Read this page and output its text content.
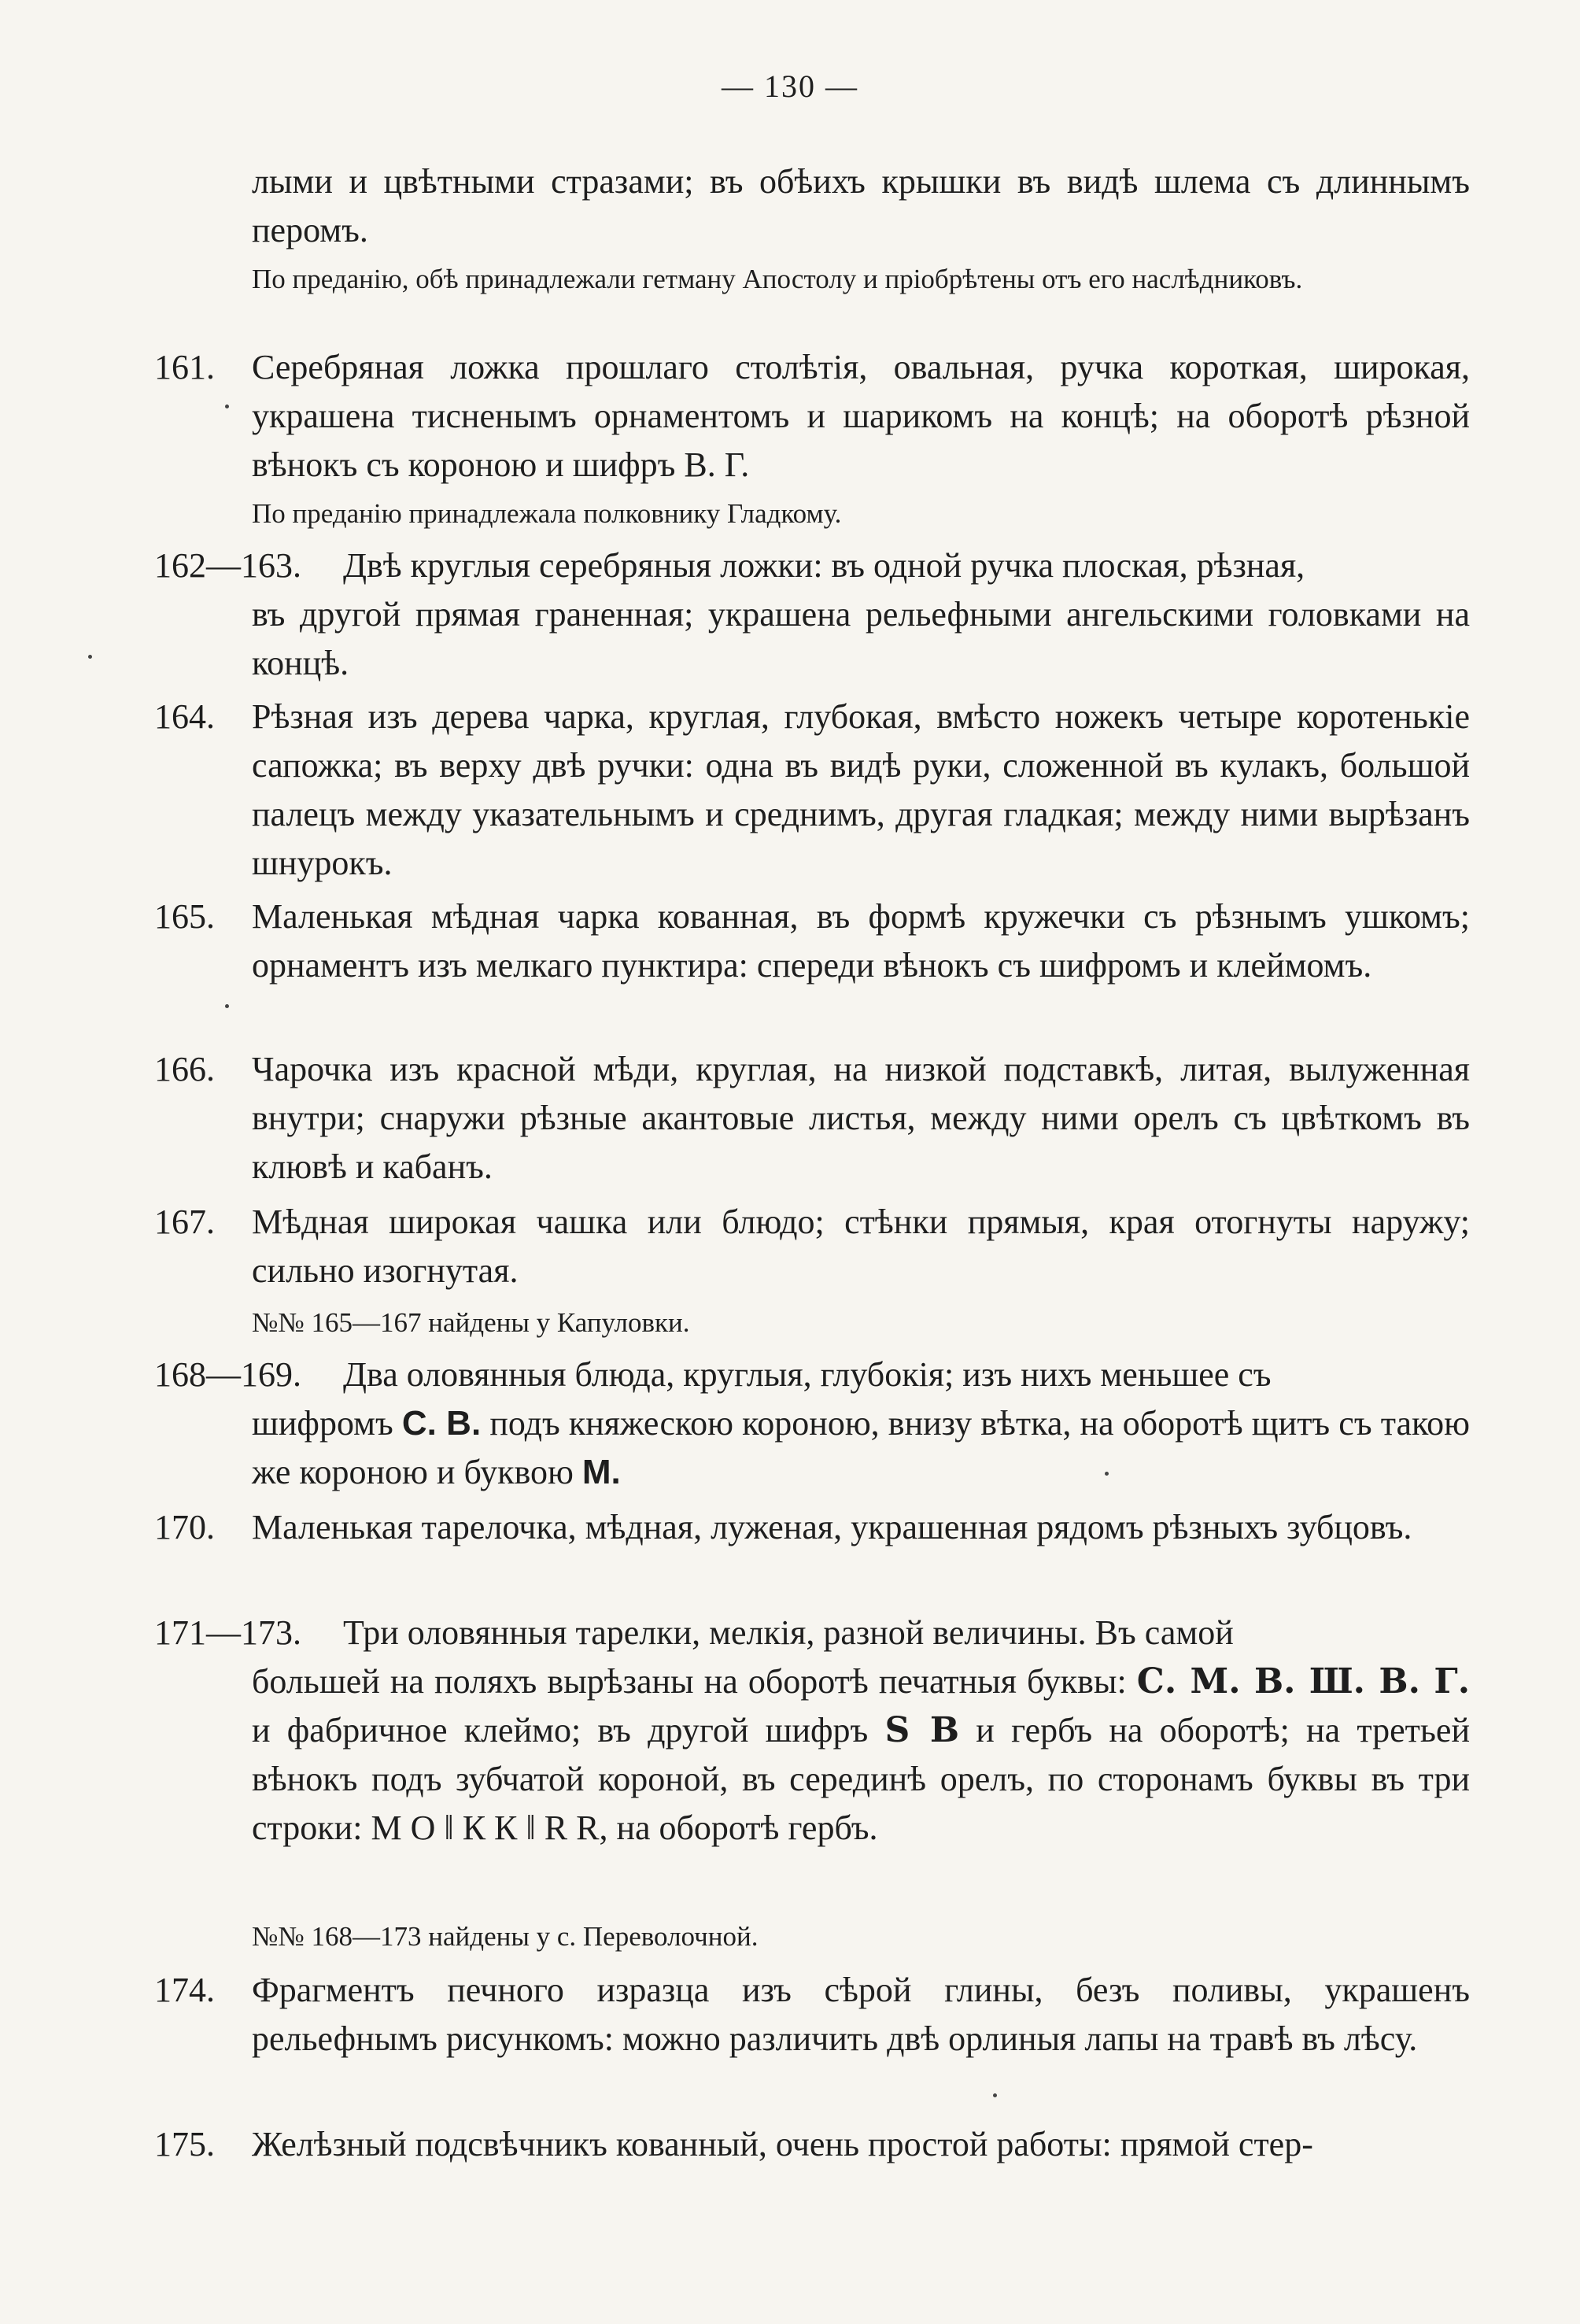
— 130 —
лыми и цвѣтными стразами; въ обѣихъ крышки въ видѣ шлема съ длиннымъ перомъ.
По преданію, обѣ принадлежали гетману Апостолу и пріобрѣтены отъ его наслѣдниковъ.
161. Серебряная ложка прошлаго столѣтія, овальная, ручка короткая, широкая, украшена тисненымъ орнаментомъ и шарикомъ на концѣ; на оборотѣ рѣзной вѣнокъ съ короною и шифръ В. Г.
По преданію принадлежала полковнику Гладкому.
162—163. Двѣ круглыя серебряныя ложки: въ одной ручка плоская, рѣзная,
въ другой прямая граненная; украшена рельефными ангельскими головками на концѣ.
164. Рѣзная изъ дерева чарка, круглая, глубокая, вмѣсто ножекъ четыре коротенькіе сапожка; въ верху двѣ ручки: одна въ видѣ руки, сложенной въ кулакъ, большой палецъ между указательнымъ и среднимъ, другая гладкая; между ними вырѣзанъ шнурокъ.
165. Маленькая мѣдная чарка кованная, въ формѣ кружечки съ рѣзнымъ ушкомъ; орнаментъ изъ мелкаго пунктира: спереди вѣнокъ съ шифромъ и клеймомъ.
166. Чарочка изъ красной мѣди, круглая, на низкой подставкѣ, литая, вылуженная внутри; снаружи рѣзные акантовые листья, между ними орелъ съ цвѣткомъ въ клювѣ и кабанъ.
167. Мѣдная широкая чашка или блюдо; стѣнки прямыя, края отогнуты наружу; сильно изогнутая.
№№ 165—167 найдены у Капуловки.
168—169. Два оловянныя блюда, круглыя, глубокія; изъ нихъ меньшее съ
шифромъ С. В. подъ княжескою короною, внизу вѣтка, на оборотѣ щитъ съ такою же короною и буквою М.
170. Маленькая тарелочка, мѣдная, луженая, украшенная рядомъ рѣзныхъ зубцовъ.
171—173. Три оловянныя тарелки, мелкія, разной величины. Въ самой
большей на поляхъ вырѣзаны на оборотѣ печатныя буквы: С. М. В. Ш. В. Г. и фабричное клеймо; въ другой шифръ S B и гербъ на оборотѣ; на третьей вѣнокъ подъ зубчатой короной, въ серединѣ орелъ, по сторонамъ буквы въ три строки: М О ‖ К К ‖ R R, на оборотѣ гербъ.
№№ 168—173 найдены у с. Переволочной.
174. Фрагментъ печного изразца изъ сѣрой глины, безъ поливы, украшенъ рельефнымъ рисункомъ: можно различить двѣ орлиныя лапы на травѣ въ лѣсу.
175. Желѣзный подсвѣчникъ кованный, очень простой работы: прямой стер-
